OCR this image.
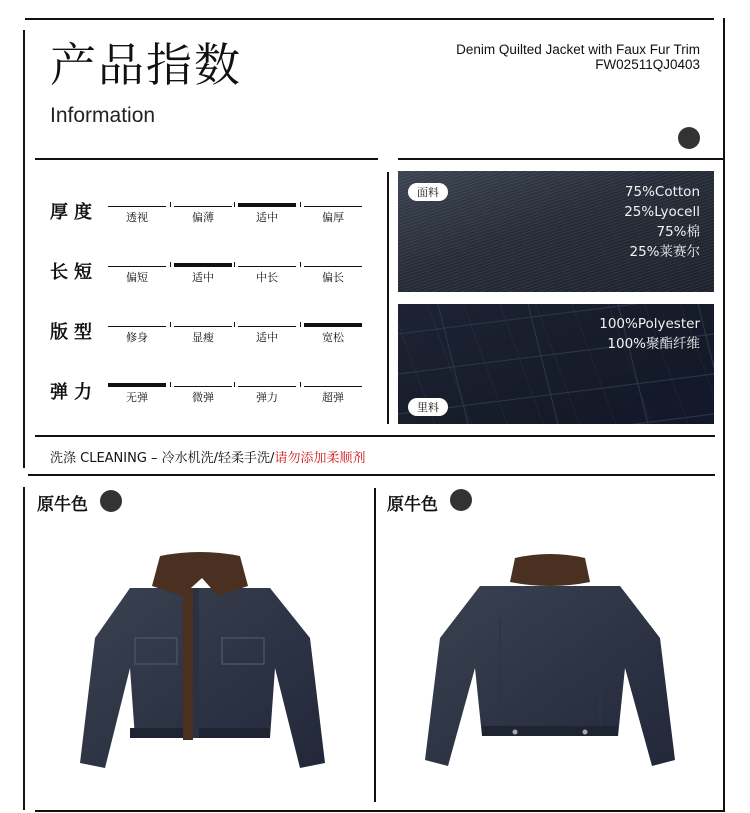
产品指数
Information
Denim Quilted Jacket with Faux Fur Trim
FW02511QJ0403
厚度	透视	偏薄	适中	偏厚
长短	偏短	适中	中长	偏长
版型	修身	显瘦	适中	宽松
弹力	无弹	微弹	弹力	超弹
面料	75%Cotton
25%Lyocell
75%棉
25%莱赛尔
100%Polyester
100%聚酯纤维
里料
洗涤 CLEANING – 冷水机洗/轻柔手洗/请勿添加柔顺剂
原牛色	原牛色
